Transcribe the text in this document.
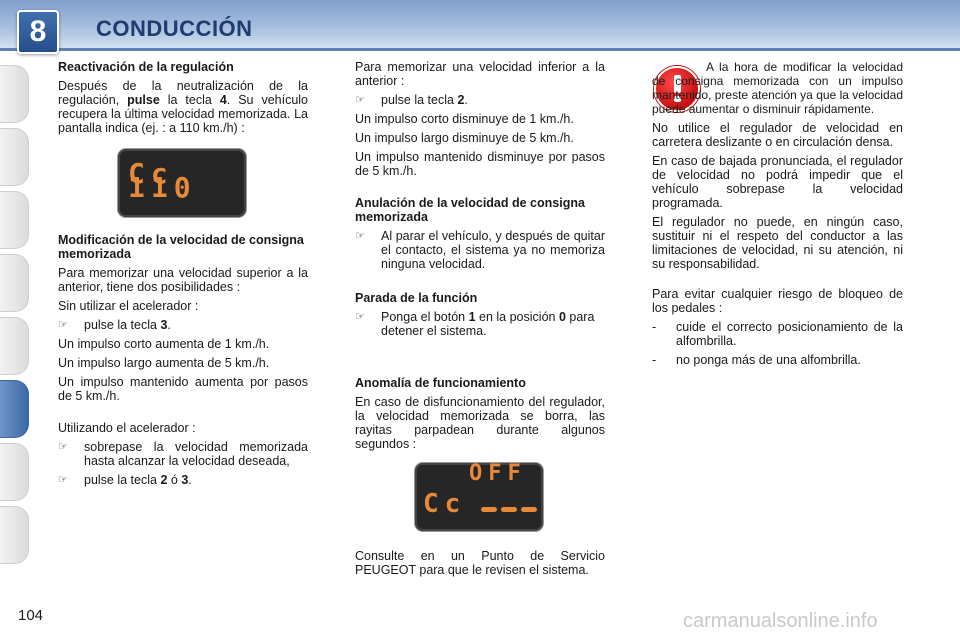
8	CONDUCCIÓN
Reactivación de la regulación

Después de la neutralización de la regulación, pulse la tecla 4. Su vehículo recupera la última velocidad memorizada. La pantalla indica (ej. : a 110 km./h) :

Cc 110
Modificación de la velocidad de consigna memorizada

Para memorizar una velocidad superior a la anterior, tiene dos posibilidades :

Sin utilizar el acelerador :

☞	pulse la tecla 3.

Un impulso corto aumenta de 1 km./h.

Un impulso largo aumenta de 5 km./h.

Un impulso mantenido aumenta por pasos de 5 km./h.

Utilizando el acelerador :

☞	sobrepase la velocidad memorizada hasta alcanzar la velocidad deseada,
☞	pulse la tecla 2 ó 3.

Para memorizar una velocidad inferior a la anterior :

☞	pulse la tecla 2.

Un impulso corto disminuye de 1 km./h.

Un impulso largo disminuye de 5 km./h.

Un impulso mantenido disminuye por pasos de 5 km./h.

Anulación de la velocidad de consigna memorizada
☞	Al parar el vehículo, y después de quitar el contacto, el sistema ya no memoriza ninguna velocidad.
Parada de la función
☞	Ponga el botón 1 en la posición 0 para detener el sistema.
Anomalía de funcionamiento

En caso de disfuncionamiento del regulador, la velocidad memorizada se borra, las rayitas parpadean durante algunos segundos :

OFF
Cc

Consulte en un Punto de Servicio PEUGEOT para que le revisen el sistema.

A la hora de modificar la velocidad de consigna memorizada con un impulso mantenido, preste atención ya que la velocidad puede aumentar o disminuir rápidamente.

No utilice el regulador de velocidad en carretera deslizante o en circulación densa.

En caso de bajada pronunciada, el regulador de velocidad no podrá impedir que el vehículo sobrepase la velocidad programada.

El regulador no puede, en ningún caso, sustituir ni el respeto del conductor a las limitaciones de velocidad, ni su atención, ni su responsabilidad.

Para evitar cualquier riesgo de bloqueo de los pedales :

-	cuide el correcto posicionamiento de la alfombrilla.
-	no ponga más de una alfombrilla.
104	carmanualsonline.info
